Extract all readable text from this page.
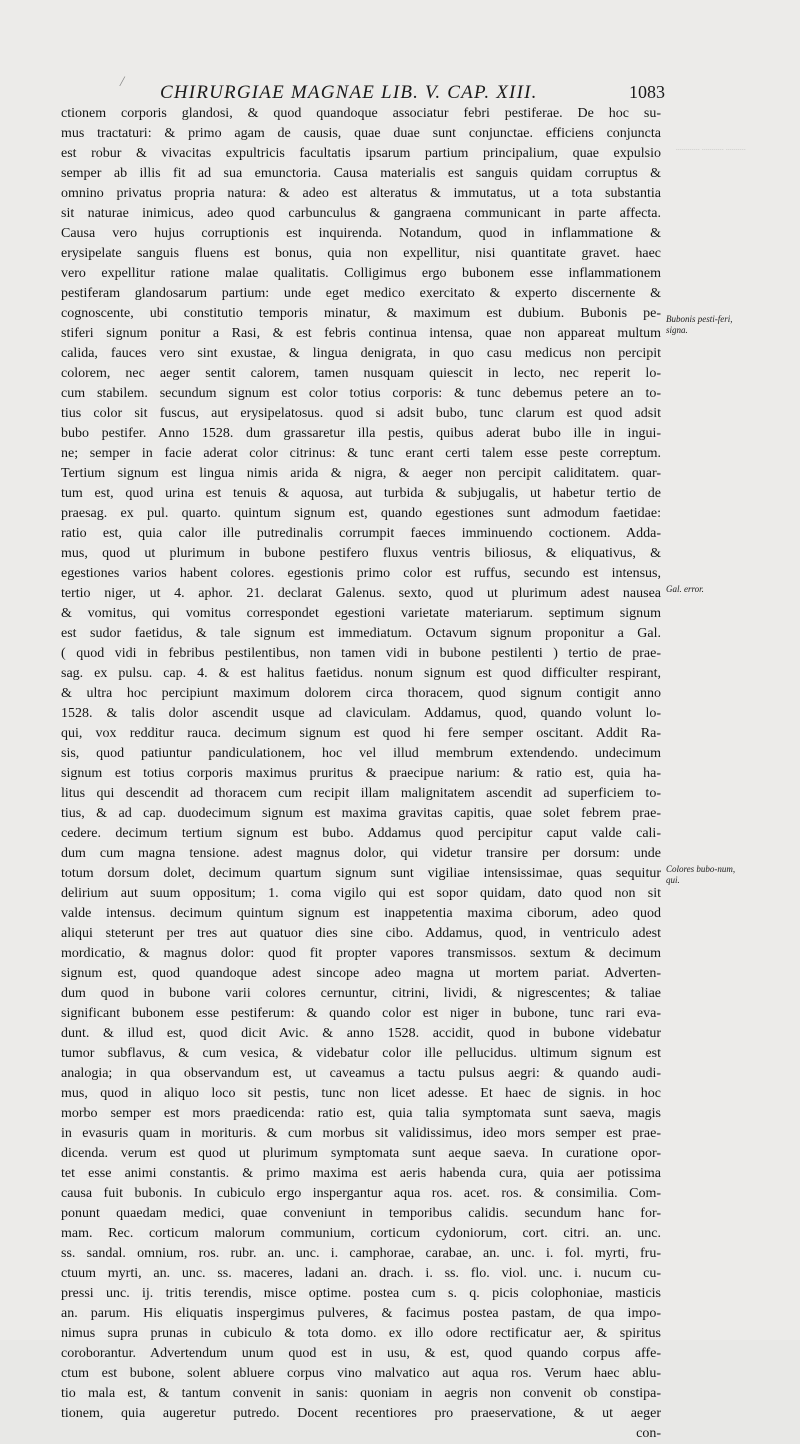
/ CHIRURGIAE MAGNAE LIB. V. CAP. XIII.	1083
............ ........... ..........
ctionem corporis glandosi, & quod quandoque associatur febri pestiferae. De hoc su-
mus tractaturi: & primo agam de causis, quae duae sunt conjunctae. efficiens conjuncta
est robur & vivacitas expultricis facultatis ipsarum partium principalium, quae expulsio
semper ab illis fit ad sua emunctoria. Causa materialis est sanguis quidam corruptus &
omnino privatus propria natura: & adeo est alteratus & immutatus, ut a tota substantia
sit naturae inimicus, adeo quod carbunculus & gangraena communicant in parte affecta.
Causa vero hujus corruptionis est inquirenda. Notandum, quod in inflammatione &
erysipelate sanguis fluens est bonus, quia non expellitur, nisi quantitate gravet. haec
vero expellitur ratione malae qualitatis. Colligimus ergo bubonem esse inflammationem
pestiferam glandosarum partium: unde eget medico exercitato & experto discernente &
cognoscente, ubi constitutio temporis minatur, & maximum est dubium. Bubonis pe-
stiferi signum ponitur a Rasi, & est febris continua intensa, quae non appareat multum
calida, fauces vero sint exustae, & lingua denigrata, in quo casu medicus non percipit
colorem, nec aeger sentit calorem, tamen nusquam quiescit in lecto, nec reperit lo-
cum stabilem. secundum signum est color totius corporis: & tunc debemus petere an to-
tius color sit fuscus, aut erysipelatosus. quod si adsit bubo, tunc clarum est quod adsit
bubo pestifer. Anno 1528. dum grassaretur illa pestis, quibus aderat bubo ille in ingui-
ne; semper in facie aderat color citrinus: & tunc erant certi talem esse peste correptum.
Tertium signum est lingua nimis arida & nigra, & aeger non percipit caliditatem. quar-
tum est, quod urina est tenuis & aquosa, aut turbida & subjugalis, ut habetur tertio de
praesag. ex pul. quarto. quintum signum est, quando egestiones sunt admodum faetidae:
ratio est, quia calor ille putredinalis corrumpit faeces imminuendo coctionem. Adda-
mus, quod ut plurimum in bubone pestifero fluxus ventris biliosus, & eliquativus, &
egestiones varios habent colores. egestionis primo color est ruffus, secundo est intensus,
tertio niger, ut 4. aphor. 21. declarat Galenus. sexto, quod ut plurimum adest nausea
& vomitus, qui vomitus correspondet egestioni varietate materiarum. septimum signum
est sudor faetidus, & tale signum est immediatum. Octavum signum proponitur a Gal.
( quod vidi in febribus pestilentibus, non tamen vidi in bubone pestilenti ) tertio de prae-
sag. ex pulsu. cap. 4. & est halitus faetidus. nonum signum est quod difficulter respirant,
& ultra hoc percipiunt maximum dolorem circa thoracem, quod signum contigit anno
1528. & talis dolor ascendit usque ad claviculam. Addamus, quod, quando volunt lo-
qui, vox redditur rauca. decimum signum est quod hi fere semper oscitant. Addit Ra-
sis, quod patiuntur pandiculationem, hoc vel illud membrum extendendo. undecimum
signum est totius corporis maximus pruritus & praecipue narium: & ratio est, quia ha-
litus qui descendit ad thoracem cum recipit illam malignitatem ascendit ad superficiem to-
tius, & ad cap. duodecimum signum est maxima gravitas capitis, quae solet febrem prae-
cedere. decimum tertium signum est bubo. Addamus quod percipitur caput valde cali-
dum cum magna tensione. adest magnus dolor, qui videtur transire per dorsum: unde
totum dorsum dolet, decimum quartum signum sunt vigiliae intensissimae, quas sequitur
delirium aut suum oppositum; 1. coma vigilo qui est sopor quidam, dato quod non sit
valde intensus. decimum quintum signum est inappetentia maxima ciborum, adeo quod
aliqui steterunt per tres aut quatuor dies sine cibo. Addamus, quod, in ventriculo adest
mordicatio, & magnus dolor: quod fit propter vapores transmissos. sextum & decimum
signum est, quod quandoque adest sincope adeo magna ut mortem pariat. Adverten-
dum quod in bubone varii colores cernuntur, citrini, lividi, & nigrescentes; & taliae
significant bubonem esse pestiferum: & quando color est niger in bubone, tunc rari eva-
dunt. & illud est, quod dicit Avic. & anno 1528. accidit, quod in bubone videbatur
tumor subflavus, & cum vesica, & videbatur color ille pellucidus. ultimum signum est
analogia; in qua observandum est, ut caveamus a tactu pulsus aegri: & quando audi-
mus, quod in aliquo loco sit pestis, tunc non licet adesse. Et haec de signis. in hoc
morbo semper est mors praedicenda: ratio est, quia talia symptomata sunt saeva, magis
in evasuris quam in morituris. & cum morbus sit validissimus, ideo mors semper est prae-
dicenda. verum est quod ut plurimum symptomata sunt aeque saeva. In curatione opor-
tet esse animi constantis. & primo maxima est aeris habenda cura, quia aer potissima
causa fuit bubonis. In cubiculo ergo inspergantur aqua ros. acet. ros. & consimilia. Com-
ponunt quaedam medici, quae conveniunt in temporibus calidis. secundum hanc for-
mam. Rec. corticum malorum communium, corticum cydoniorum, cort. citri. an. unc.
ss. sandal. omnium, ros. rubr. an. unc. i. camphorae, carabae, an. unc. i. fol. myrti, fru-
ctuum myrti, an. unc. ss. maceres, ladani an. drach. i. ss. flo. viol. unc. i. nucum cu-
pressi unc. ij. tritis terendis, misce optime. postea cum s. q. picis colophoniae, masticis
an. parum. His eliquatis inspergimus pulveres, & facimus postea pastam, de qua impo-
nimus supra prunas in cubiculo & tota domo. ex illo odore rectificatur aer, & spiritus
coroborantur. Advertendum unum quod est in usu, & est, quod quando corpus affe-
ctum est bubone, solent abluere corpus vino malvatico aut aqua ros. Verum haec ablu-
tio mala est, & tantum convenit in sanis: quoniam in aegris non convenit ob constipa-
tionem, quia augeretur putredo. Docent recentiores pro praeservatione, & ut aeger
con-
Bubonis pesti-feri, signa.
Gal. error.
Colores bubo-num, qui.
